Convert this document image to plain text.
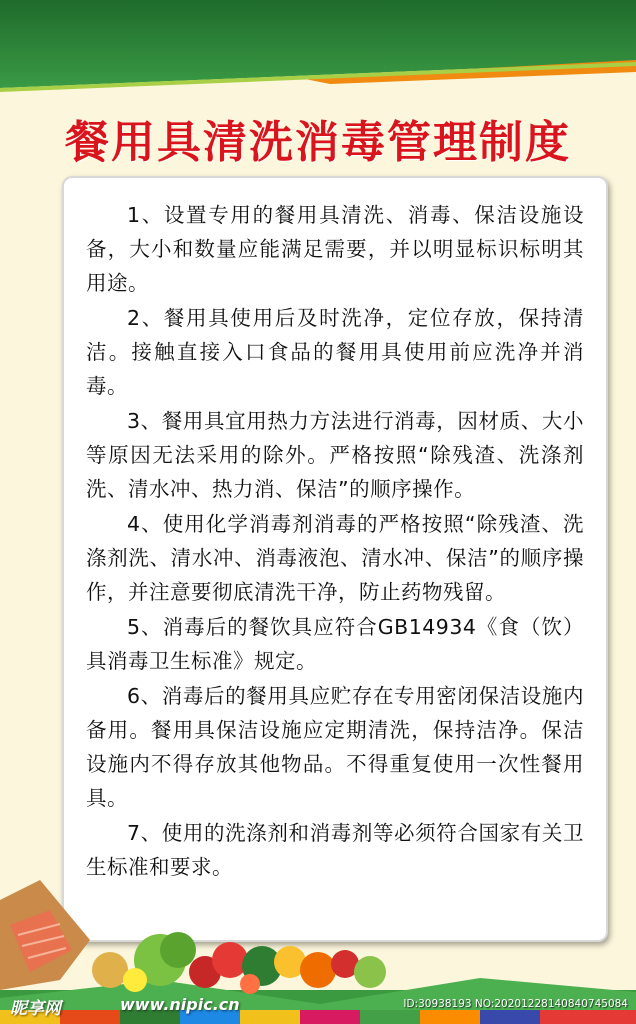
餐用具清洗消毒管理制度
1、设置专用的餐用具清洗、消毒、保洁设施设备，大小和数量应能满足需要，并以明显标识标明其用途。
2、餐用具使用后及时洗净，定位存放，保持清洁。接触直接入口食品的餐用具使用前应洗净并消毒。
3、餐用具宜用热力方法进行消毒，因材质、大小等原因无法采用的除外。严格按照“除残渣、洗涤剂洗、清水冲、热力消、保洁”的顺序操作。
4、使用化学消毒剂消毒的严格按照“除残渣、洗涤剂洗、清水冲、消毒液泡、清水冲、保洁”的顺序操作，并注意要彻底清洗干净，防止药物残留。
5、消毒后的餐饮具应符合GB14934《食（饮）具消毒卫生标准》规定。
6、消毒后的餐用具应贮存在专用密闭保洁设施内备用。餐用具保洁设施应定期清洗，保持洁净。保洁设施内不得存放其他物品。不得重复使用一次性餐用具。
7、使用的洗涤剂和消毒剂等必须符合国家有关卫生标准和要求。
昵享网	www.nipic.cn	ID:30938193 NO:20201228140840745084
